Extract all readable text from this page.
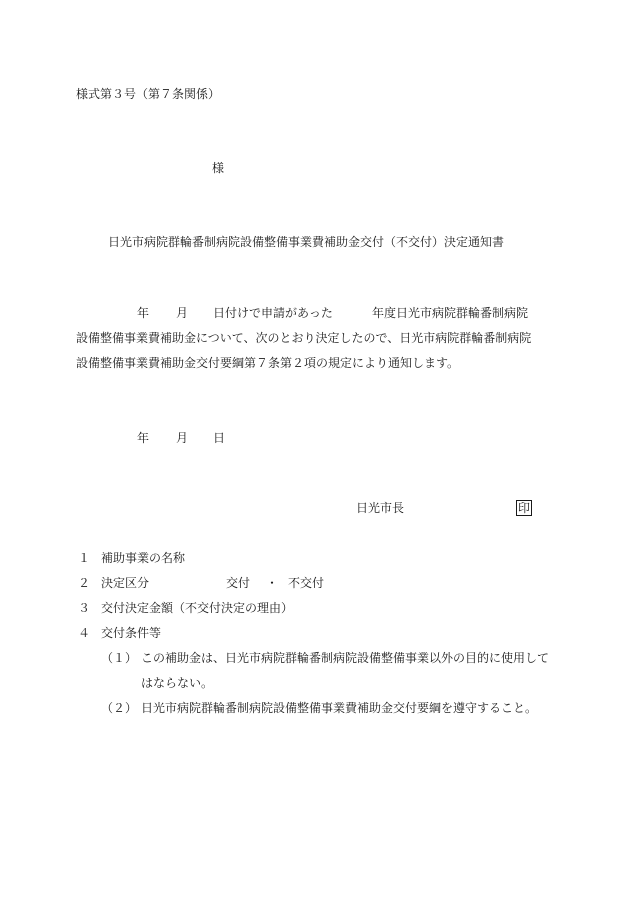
様式第３号（第７条関係）
様
日光市病院群輪番制病院設備整備事業費補助金交付（不交付）決定通知書
年 月 日付けで申請があった	年度日光市病院群輪番制病院
設備整備事業費補助金について、次のとおり決定したので、日光市病院群輪番制病院
設備整備事業費補助金交付要綱第７条第２項の規定により通知します。
年 月 日
日光市長	印
１ 補助事業の名称
２ 決定区分	交付 ・ 不交付
３ 交付決定金額（不交付決定の理由）
４ 交付条件等
（１） この補助金は、日光市病院群輪番制病院設備整備事業以外の目的に使用して
はならない。
（２） 日光市病院群輪番制病院設備整備事業費補助金交付要綱を遵守すること。
